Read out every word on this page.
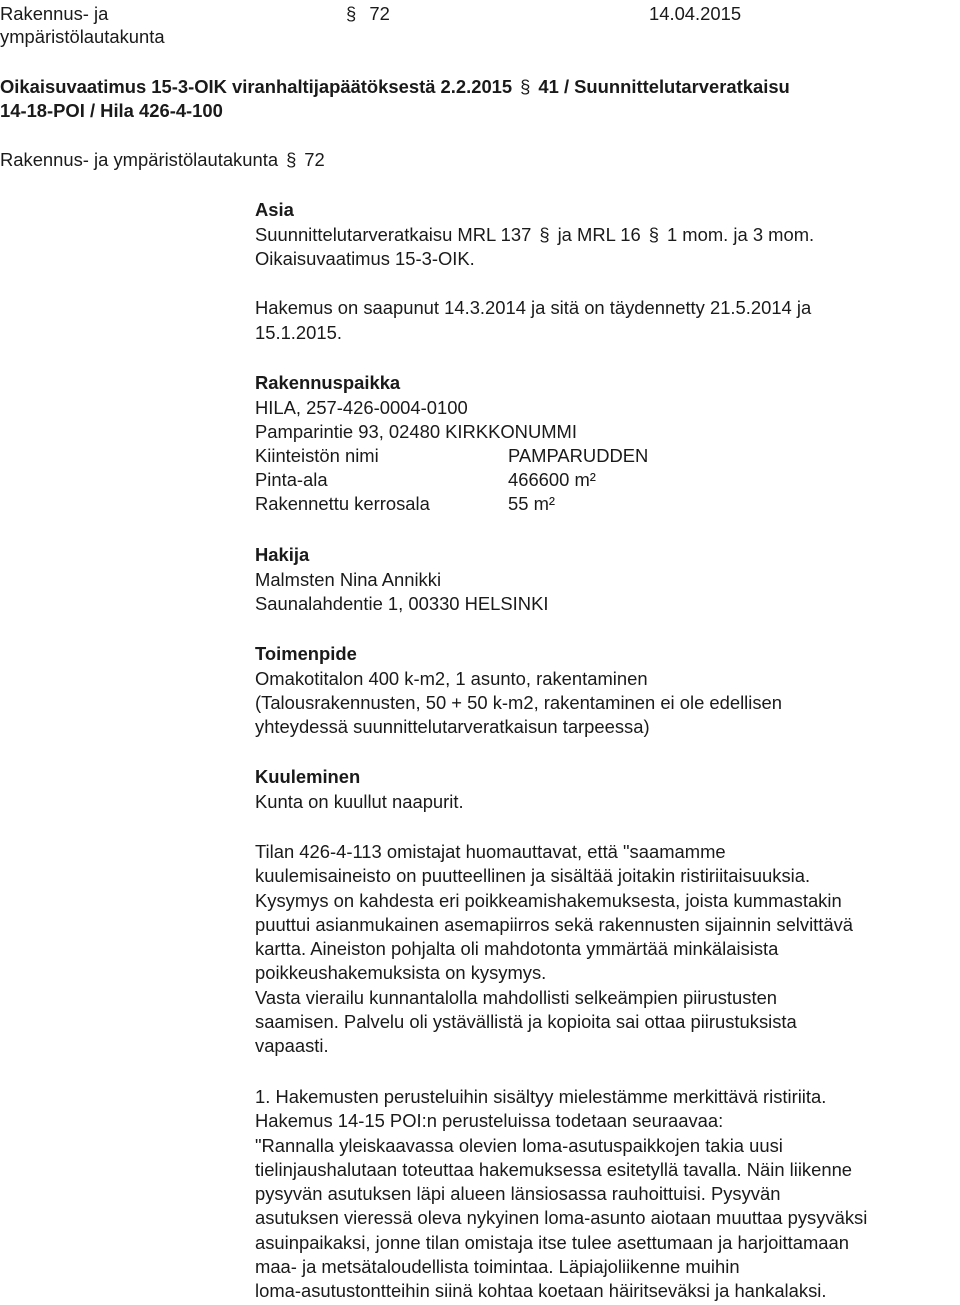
Rakennus- ja
ympäristölautakunta
§ 72	14.04.2015
Oikaisuvaatimus 15-3-OIK viranhaltijapäätöksestä 2.2.2015 § 41 / Suunnittelutarveratkaisu
14-18-POI / Hila 426-4-100
Rakennus- ja ympäristölautakunta § 72
Asia
Suunnittelutarveratkaisu MRL 137 § ja MRL 16 § 1 mom. ja 3 mom.
Oikaisuvaatimus 15-3-OIK.
Hakemus on saapunut 14.3.2014 ja sitä on täydennetty 21.5.2014 ja
15.1.2015.
Rakennuspaikka
HILA, 257-426-0004-0100
Pamparintie 93, 02480 KIRKKONUMMI
Kiinteistön nimi	PAMPARUDDEN
Pinta-ala	466600 m²
Rakennettu kerrosala	55 m²
Hakija
Malmsten Nina Annikki
Saunalahdentie 1, 00330 HELSINKI
Toimenpide
Omakotitalon 400 k-m2, 1 asunto, rakentaminen
(Talousrakennusten, 50 + 50 k-m2, rakentaminen ei ole edellisen
yhteydessä suunnittelutarveratkaisun tarpeessa)
Kuuleminen
Kunta on kuullut naapurit.
Tilan 426-4-113 omistajat huomauttavat, että "saamamme
kuulemisaineisto on puutteellinen ja sisältää joitakin ristiriitaisuuksia.
Kysymys on kahdesta eri poikkeamishakemuksesta, joista kummastakin
puuttui asianmukainen asemapiirros sekä rakennusten sijainnin selvittävä
kartta. Aineiston pohjalta oli mahdotonta ymmärtää minkälaisista
poikkeushakemuksista on kysymys.
Vasta vierailu kunnantalolla mahdollisti selkeämpien piirustusten
saamisen. Palvelu oli ystävällistä ja kopioita sai ottaa piirustuksista
vapaasti.
1. Hakemusten perusteluihin sisältyy mielestämme merkittävä ristiriita.
Hakemus 14-15 POI:n perusteluissa todetaan seuraavaa:
"Rannalla yleiskaavassa olevien loma-asutuspaikkojen takia uusi
tielinjaushalutaan toteuttaa hakemuksessa esitetyllä tavalla. Näin liikenne
pysyvän asutuksen läpi alueen länsiosassa rauhoittuisi. Pysyvän
asutuksen vieressä oleva nykyinen loma-asunto aiotaan muuttaa pysyväksi
asuinpaikaksi, jonne tilan omistaja itse tulee asettumaan ja harjoittamaan
maa- ja metsätaloudellista toimintaa. Läpiajoliikenne muihin
loma-asutustontteihin siinä kohtaa koetaan häiritseväksi ja hankalaksi.
